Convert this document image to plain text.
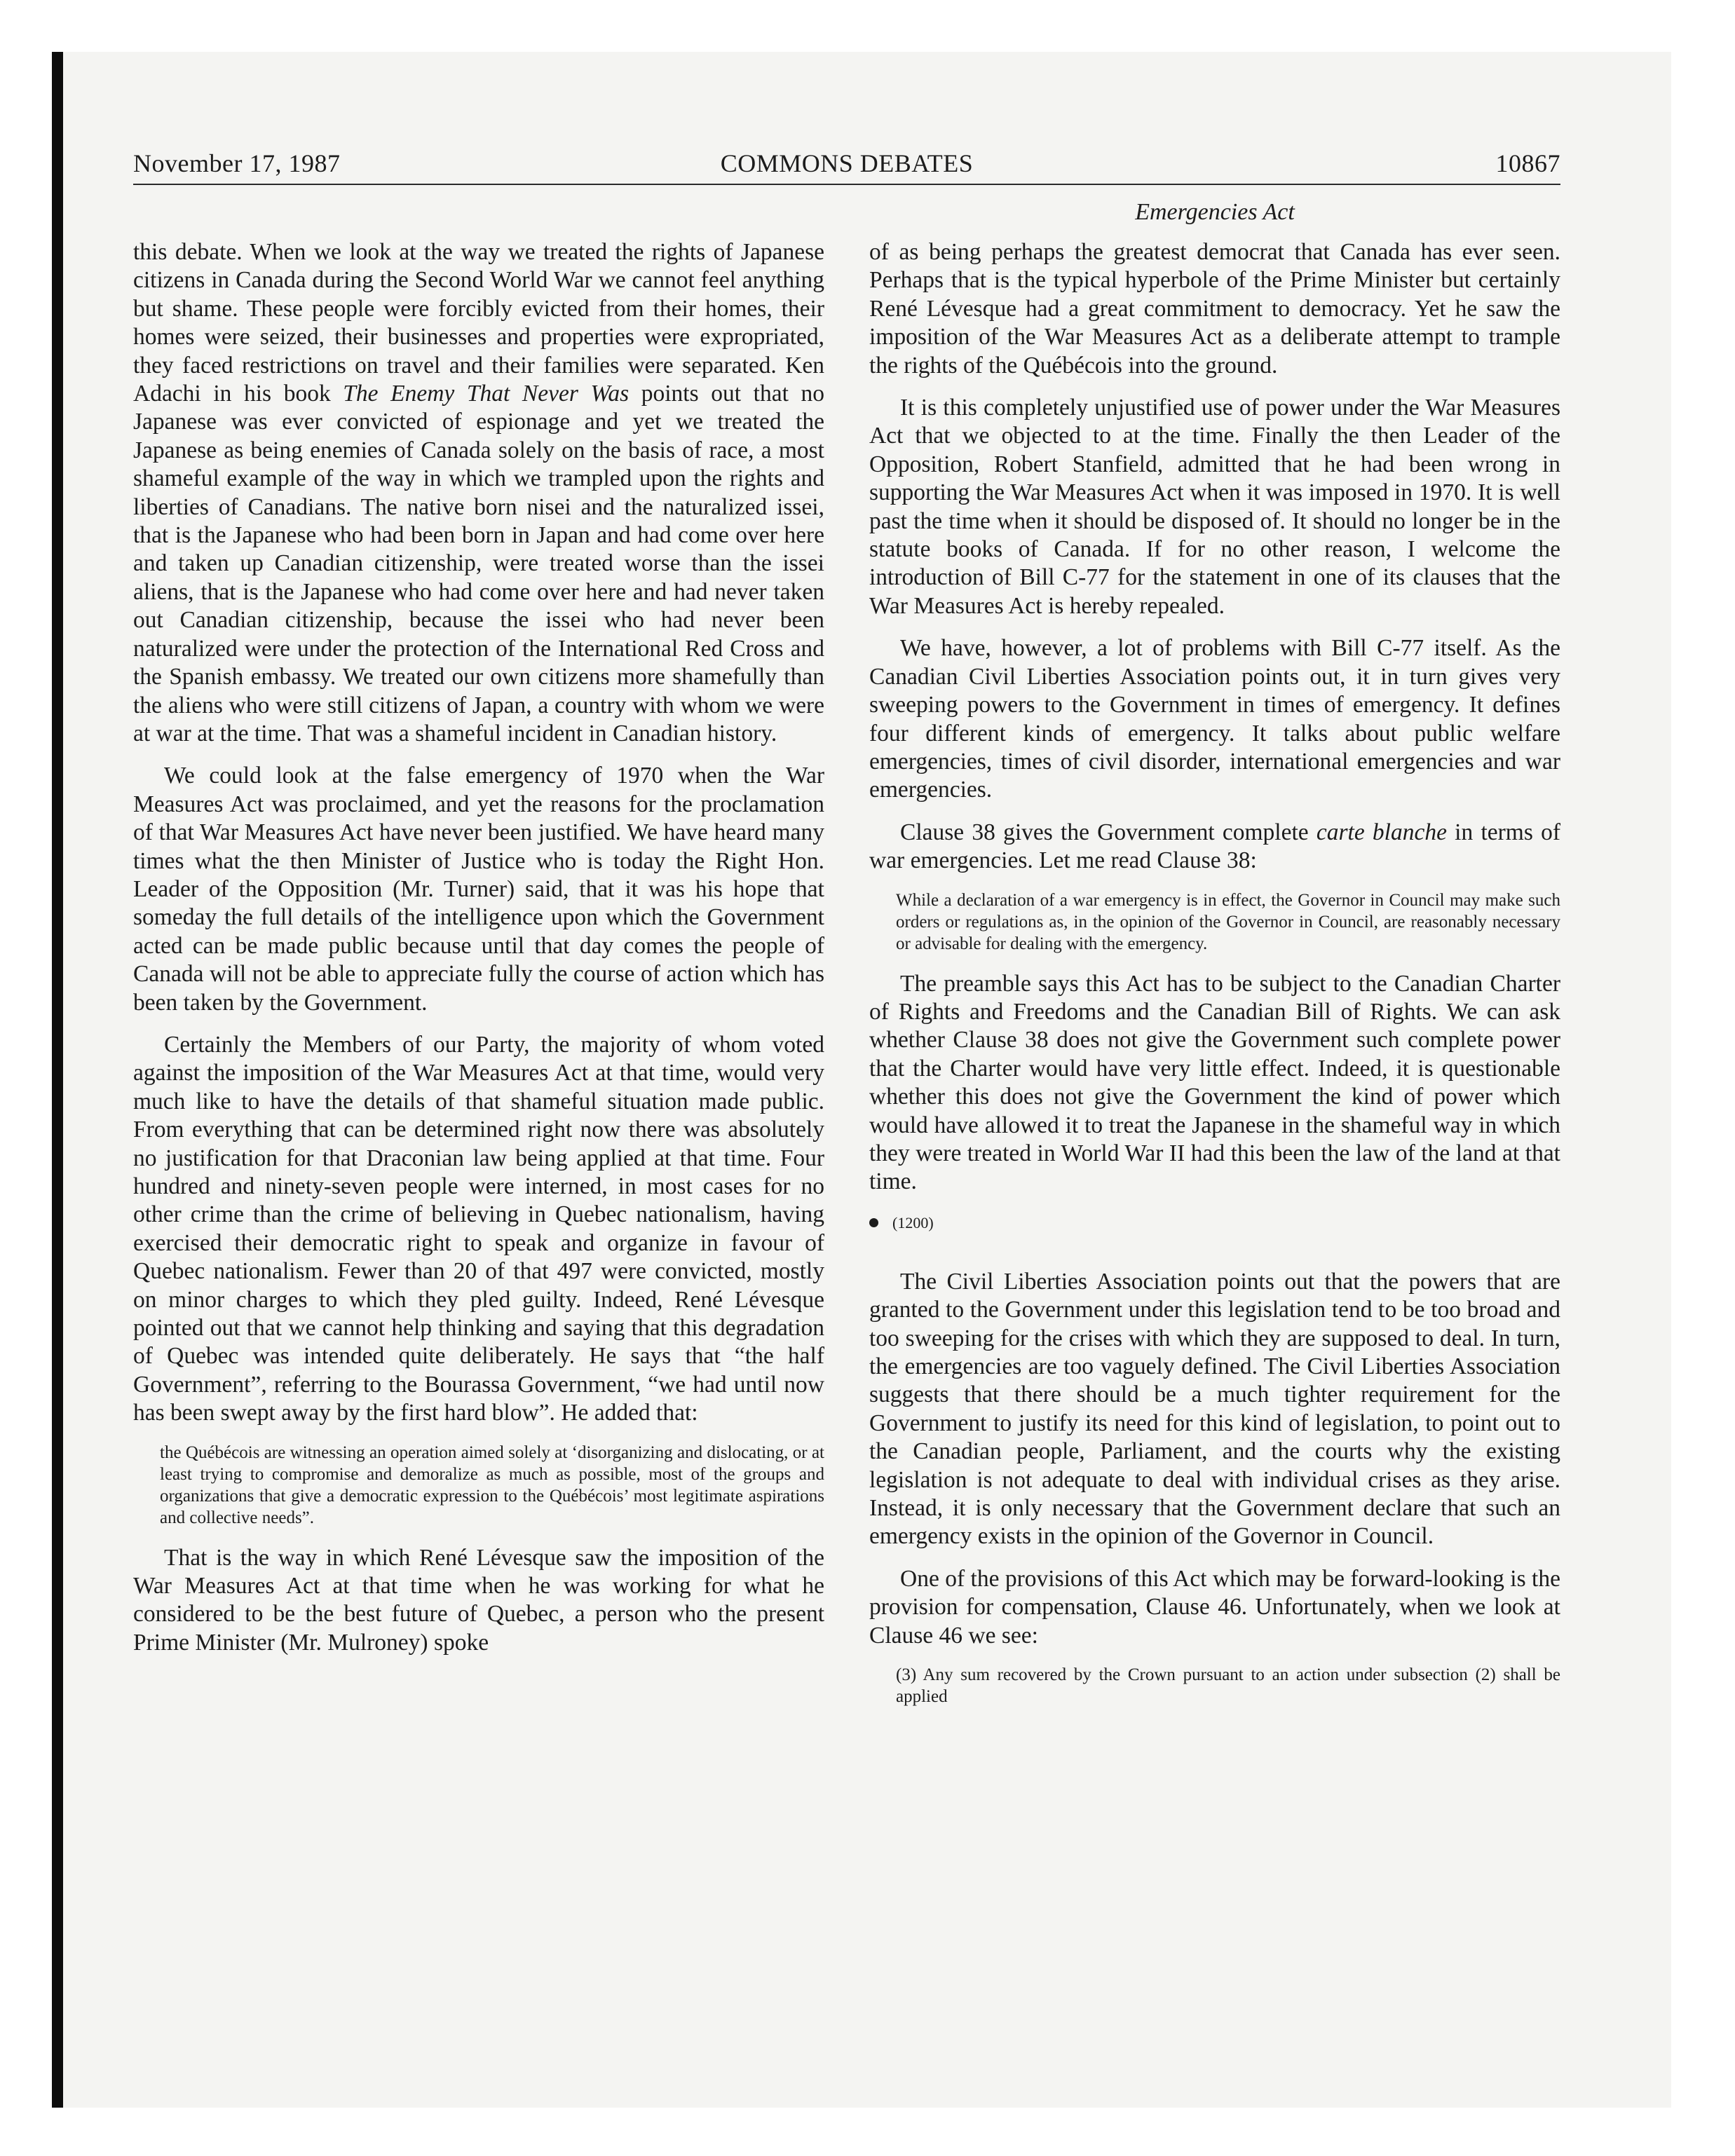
November 17, 1987	COMMONS DEBATES	10867
Emergencies Act

this debate. When we look at the way we treated the rights of Japanese citizens in Canada during the Second World War we cannot feel anything but shame. These people were forcibly evicted from their homes, their homes were seized, their businesses and properties were expropriated, they faced restrictions on travel and their families were separated. Ken Adachi in his book The Enemy That Never Was points out that no Japanese was ever convicted of espionage and yet we treated the Japanese as being enemies of Canada solely on the basis of race, a most shameful example of the way in which we trampled upon the rights and liberties of Canadians. The native born nisei and the naturalized issei, that is the Japanese who had been born in Japan and had come over here and taken up Canadian citizenship, were treated worse than the issei aliens, that is the Japanese who had come over here and had never taken out Canadian citizenship, because the issei who had never been naturalized were under the protection of the International Red Cross and the Spanish embassy. We treated our own citizens more shamefully than the aliens who were still citizens of Japan, a country with whom we were at war at the time. That was a shameful incident in Canadian history.

We could look at the false emergency of 1970 when the War Measures Act was proclaimed, and yet the reasons for the proclamation of that War Measures Act have never been justified. We have heard many times what the then Minister of Justice who is today the Right Hon. Leader of the Opposition (Mr. Turner) said, that it was his hope that someday the full details of the intelligence upon which the Government acted can be made public because until that day comes the people of Canada will not be able to appreciate fully the course of action which has been taken by the Government.

Certainly the Members of our Party, the majority of whom voted against the imposition of the War Measures Act at that time, would very much like to have the details of that shameful situation made public. From everything that can be determined right now there was absolutely no justification for that Draconian law being applied at that time. Four hundred and ninety-seven people were interned, in most cases for no other crime than the crime of believing in Quebec nationalism, having exercised their democratic right to speak and organize in favour of Quebec nationalism. Fewer than 20 of that 497 were convicted, mostly on minor charges to which they pled guilty. Indeed, René Lévesque pointed out that we cannot help thinking and saying that this degradation of Quebec was intended quite deliberately. He says that “the half Government”, referring to the Bourassa Government, “we had until now has been swept away by the first hard blow”. He added that:

the Québécois are witnessing an operation aimed solely at ‘disorganizing and dislocating, or at least trying to compromise and demoralize as much as possible, most of the groups and organizations that give a democratic expression to the Québécois’ most legitimate aspirations and collective needs”.

That is the way in which René Lévesque saw the imposition of the War Measures Act at that time when he was working for what he considered to be the best future of Quebec, a person who the present Prime Minister (Mr. Mulroney) spoke

of as being perhaps the greatest democrat that Canada has ever seen. Perhaps that is the typical hyperbole of the Prime Minister but certainly René Lévesque had a great commitment to democracy. Yet he saw the imposition of the War Measures Act as a deliberate attempt to trample the rights of the Québécois into the ground.

It is this completely unjustified use of power under the War Measures Act that we objected to at the time. Finally the then Leader of the Opposition, Robert Stanfield, admitted that he had been wrong in supporting the War Measures Act when it was imposed in 1970. It is well past the time when it should be disposed of. It should no longer be in the statute books of Canada. If for no other reason, I welcome the introduction of Bill C-77 for the statement in one of its clauses that the War Measures Act is hereby repealed.

We have, however, a lot of problems with Bill C-77 itself. As the Canadian Civil Liberties Association points out, it in turn gives very sweeping powers to the Government in times of emergency. It defines four different kinds of emergency. It talks about public welfare emergencies, times of civil disorder, international emergencies and war emergencies.

Clause 38 gives the Government complete carte blanche in terms of war emergencies. Let me read Clause 38:

While a declaration of a war emergency is in effect, the Governor in Council may make such orders or regulations as, in the opinion of the Governor in Council, are reasonably necessary or advisable for dealing with the emergency.

The preamble says this Act has to be subject to the Canadian Charter of Rights and Freedoms and the Canadian Bill of Rights. We can ask whether Clause 38 does not give the Government such complete power that the Charter would have very little effect. Indeed, it is questionable whether this does not give the Government the kind of power which would have allowed it to treat the Japanese in the shameful way in which they were treated in World War II had this been the law of the land at that time.

(1200)

The Civil Liberties Association points out that the powers that are granted to the Government under this legislation tend to be too broad and too sweeping for the crises with which they are supposed to deal. In turn, the emergencies are too vaguely defined. The Civil Liberties Association suggests that there should be a much tighter requirement for the Government to justify its need for this kind of legislation, to point out to the Canadian people, Parliament, and the courts why the existing legislation is not adequate to deal with individual crises as they arise. Instead, it is only necessary that the Government declare that such an emergency exists in the opinion of the Governor in Council.

One of the provisions of this Act which may be forward-looking is the provision for compensation, Clause 46. Unfortunately, when we look at Clause 46 we see:

(3) Any sum recovered by the Crown pursuant to an action under subsection (2) shall be applied
